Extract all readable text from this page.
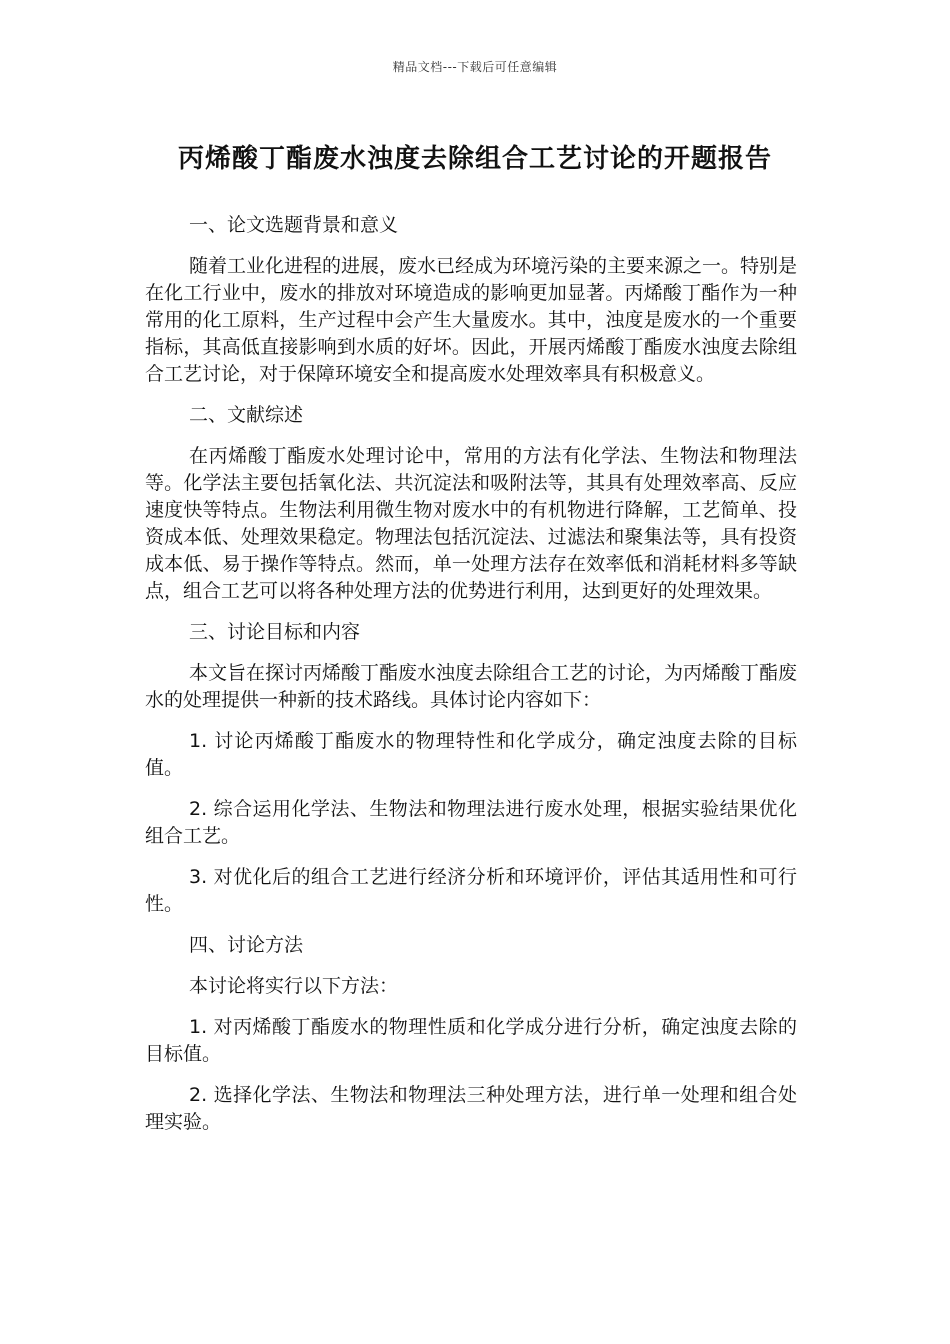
精品文档---下载后可任意编辑
丙烯酸丁酯废水浊度去除组合工艺讨论的开题报告

一、论文选题背景和意义

随着工业化进程的进展，废水已经成为环境污染的主要来源之一。特别是在化工行业中，废水的排放对环境造成的影响更加显著。丙烯酸丁酯作为一种常用的化工原料，生产过程中会产生大量废水。其中，浊度是废水的一个重要指标，其高低直接影响到水质的好坏。因此，开展丙烯酸丁酯废水浊度去除组合工艺讨论，对于保障环境安全和提高废水处理效率具有积极意义。

二、文献综述

在丙烯酸丁酯废水处理讨论中，常用的方法有化学法、生物法和物理法等。化学法主要包括氧化法、共沉淀法和吸附法等，其具有处理效率高、反应速度快等特点。生物法利用微生物对废水中的有机物进行降解，工艺简单、投资成本低、处理效果稳定。物理法包括沉淀法、过滤法和聚集法等，具有投资成本低、易于操作等特点。然而，单一处理方法存在效率低和消耗材料多等缺点，组合工艺可以将各种处理方法的优势进行利用，达到更好的处理效果。

三、讨论目标和内容

本文旨在探讨丙烯酸丁酯废水浊度去除组合工艺的讨论，为丙烯酸丁酯废水的处理提供一种新的技术路线。具体讨论内容如下：

1. 讨论丙烯酸丁酯废水的物理特性和化学成分，确定浊度去除的目标值。

2. 综合运用化学法、生物法和物理法进行废水处理，根据实验结果优化组合工艺。

3. 对优化后的组合工艺进行经济分析和环境评价，评估其适用性和可行性。

四、讨论方法

本讨论将实行以下方法：

1. 对丙烯酸丁酯废水的物理性质和化学成分进行分析，确定浊度去除的目标值。

2. 选择化学法、生物法和物理法三种处理方法，进行单一处理和组合处理实验。
